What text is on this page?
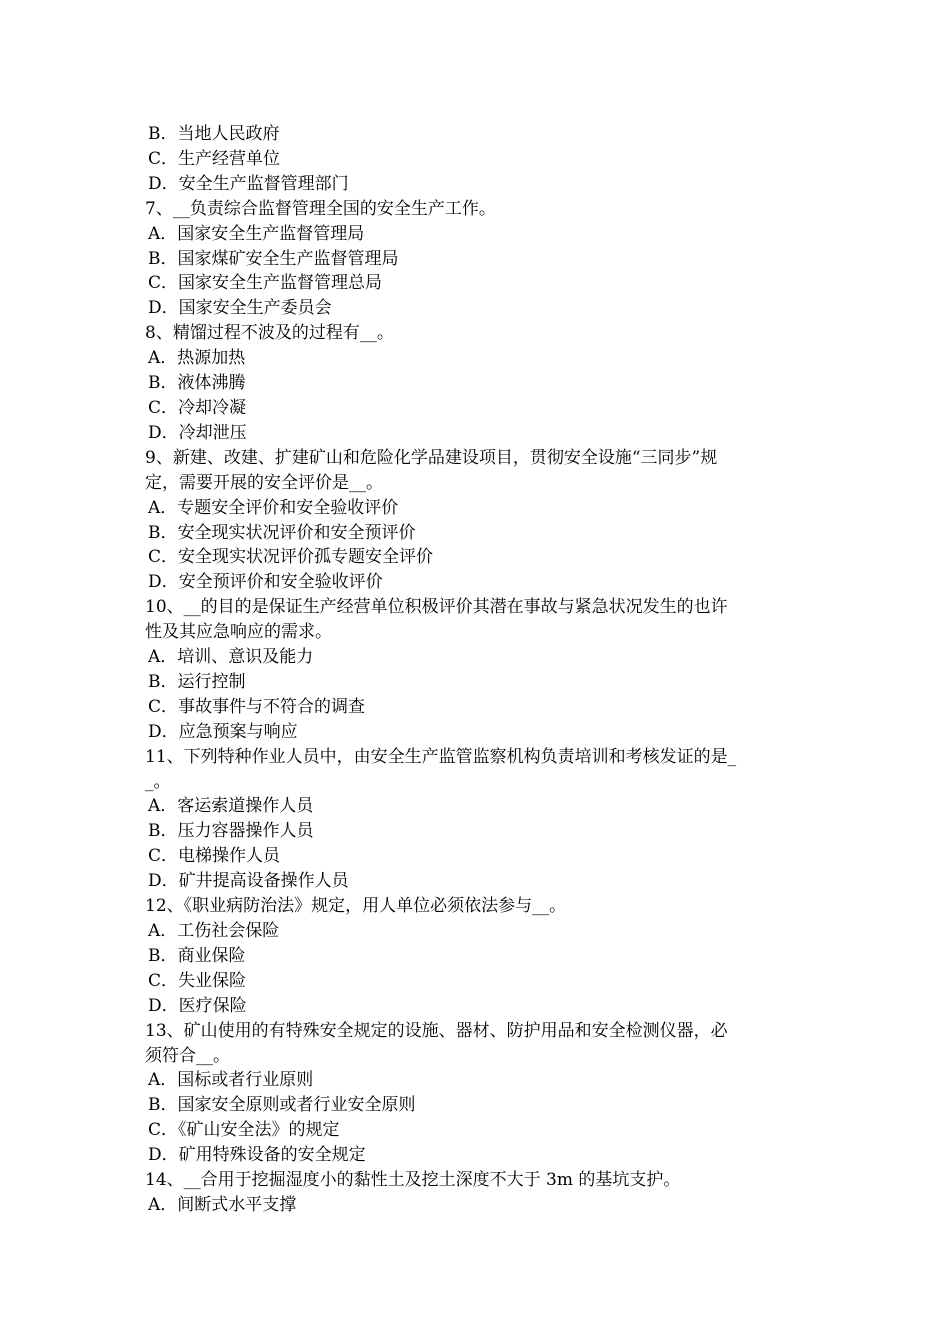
B．当地人民政府
C．生产经营单位
D．安全生产监督管理部门
7、__负责综合监督管理全国的安全生产工作。
A．国家安全生产监督管理局
B．国家煤矿安全生产监督管理局
C．国家安全生产监督管理总局
D．国家安全生产委员会
8、精馏过程不波及的过程有__。
A．热源加热
B．液体沸腾
C．冷却冷凝
D．冷却泄压
9、新建、改建、扩建矿山和危险化学品建设项目，贯彻安全设施“三同步”规
定，需要开展的安全评价是__。
A．专题安全评价和安全验收评价
B．安全现实状况评价和安全预评价
C．安全现实状况评价孤专题安全评价
D．安全预评价和安全验收评价
10、__的目的是保证生产经营单位积极评价其潜在事故与紧急状况发生的也许
性及其应急响应的需求。
A．培训、意识及能力
B．运行控制
C．事故事件与不符合的调查
D．应急预案与响应
11、下列特种作业人员中，由安全生产监管监察机构负责培训和考核发证的是_
_。
A．客运索道操作人员
B．压力容器操作人员
C．电梯操作人员
D．矿井提高设备操作人员
12、《职业病防治法》规定，用人单位必须依法参与__。
A．工伤社会保险
B．商业保险
C．失业保险
D．医疗保险
13、矿山使用的有特殊安全规定的设施、器材、防护用品和安全检测仪器，必
须符合__。
A．国标或者行业原则
B．国家安全原则或者行业安全原则
C．《矿山安全法》的规定
D．矿用特殊设备的安全规定
14、__合用于挖掘湿度小的黏性土及挖土深度不大于 3m 的基坑支护。
A．间断式水平支撑
